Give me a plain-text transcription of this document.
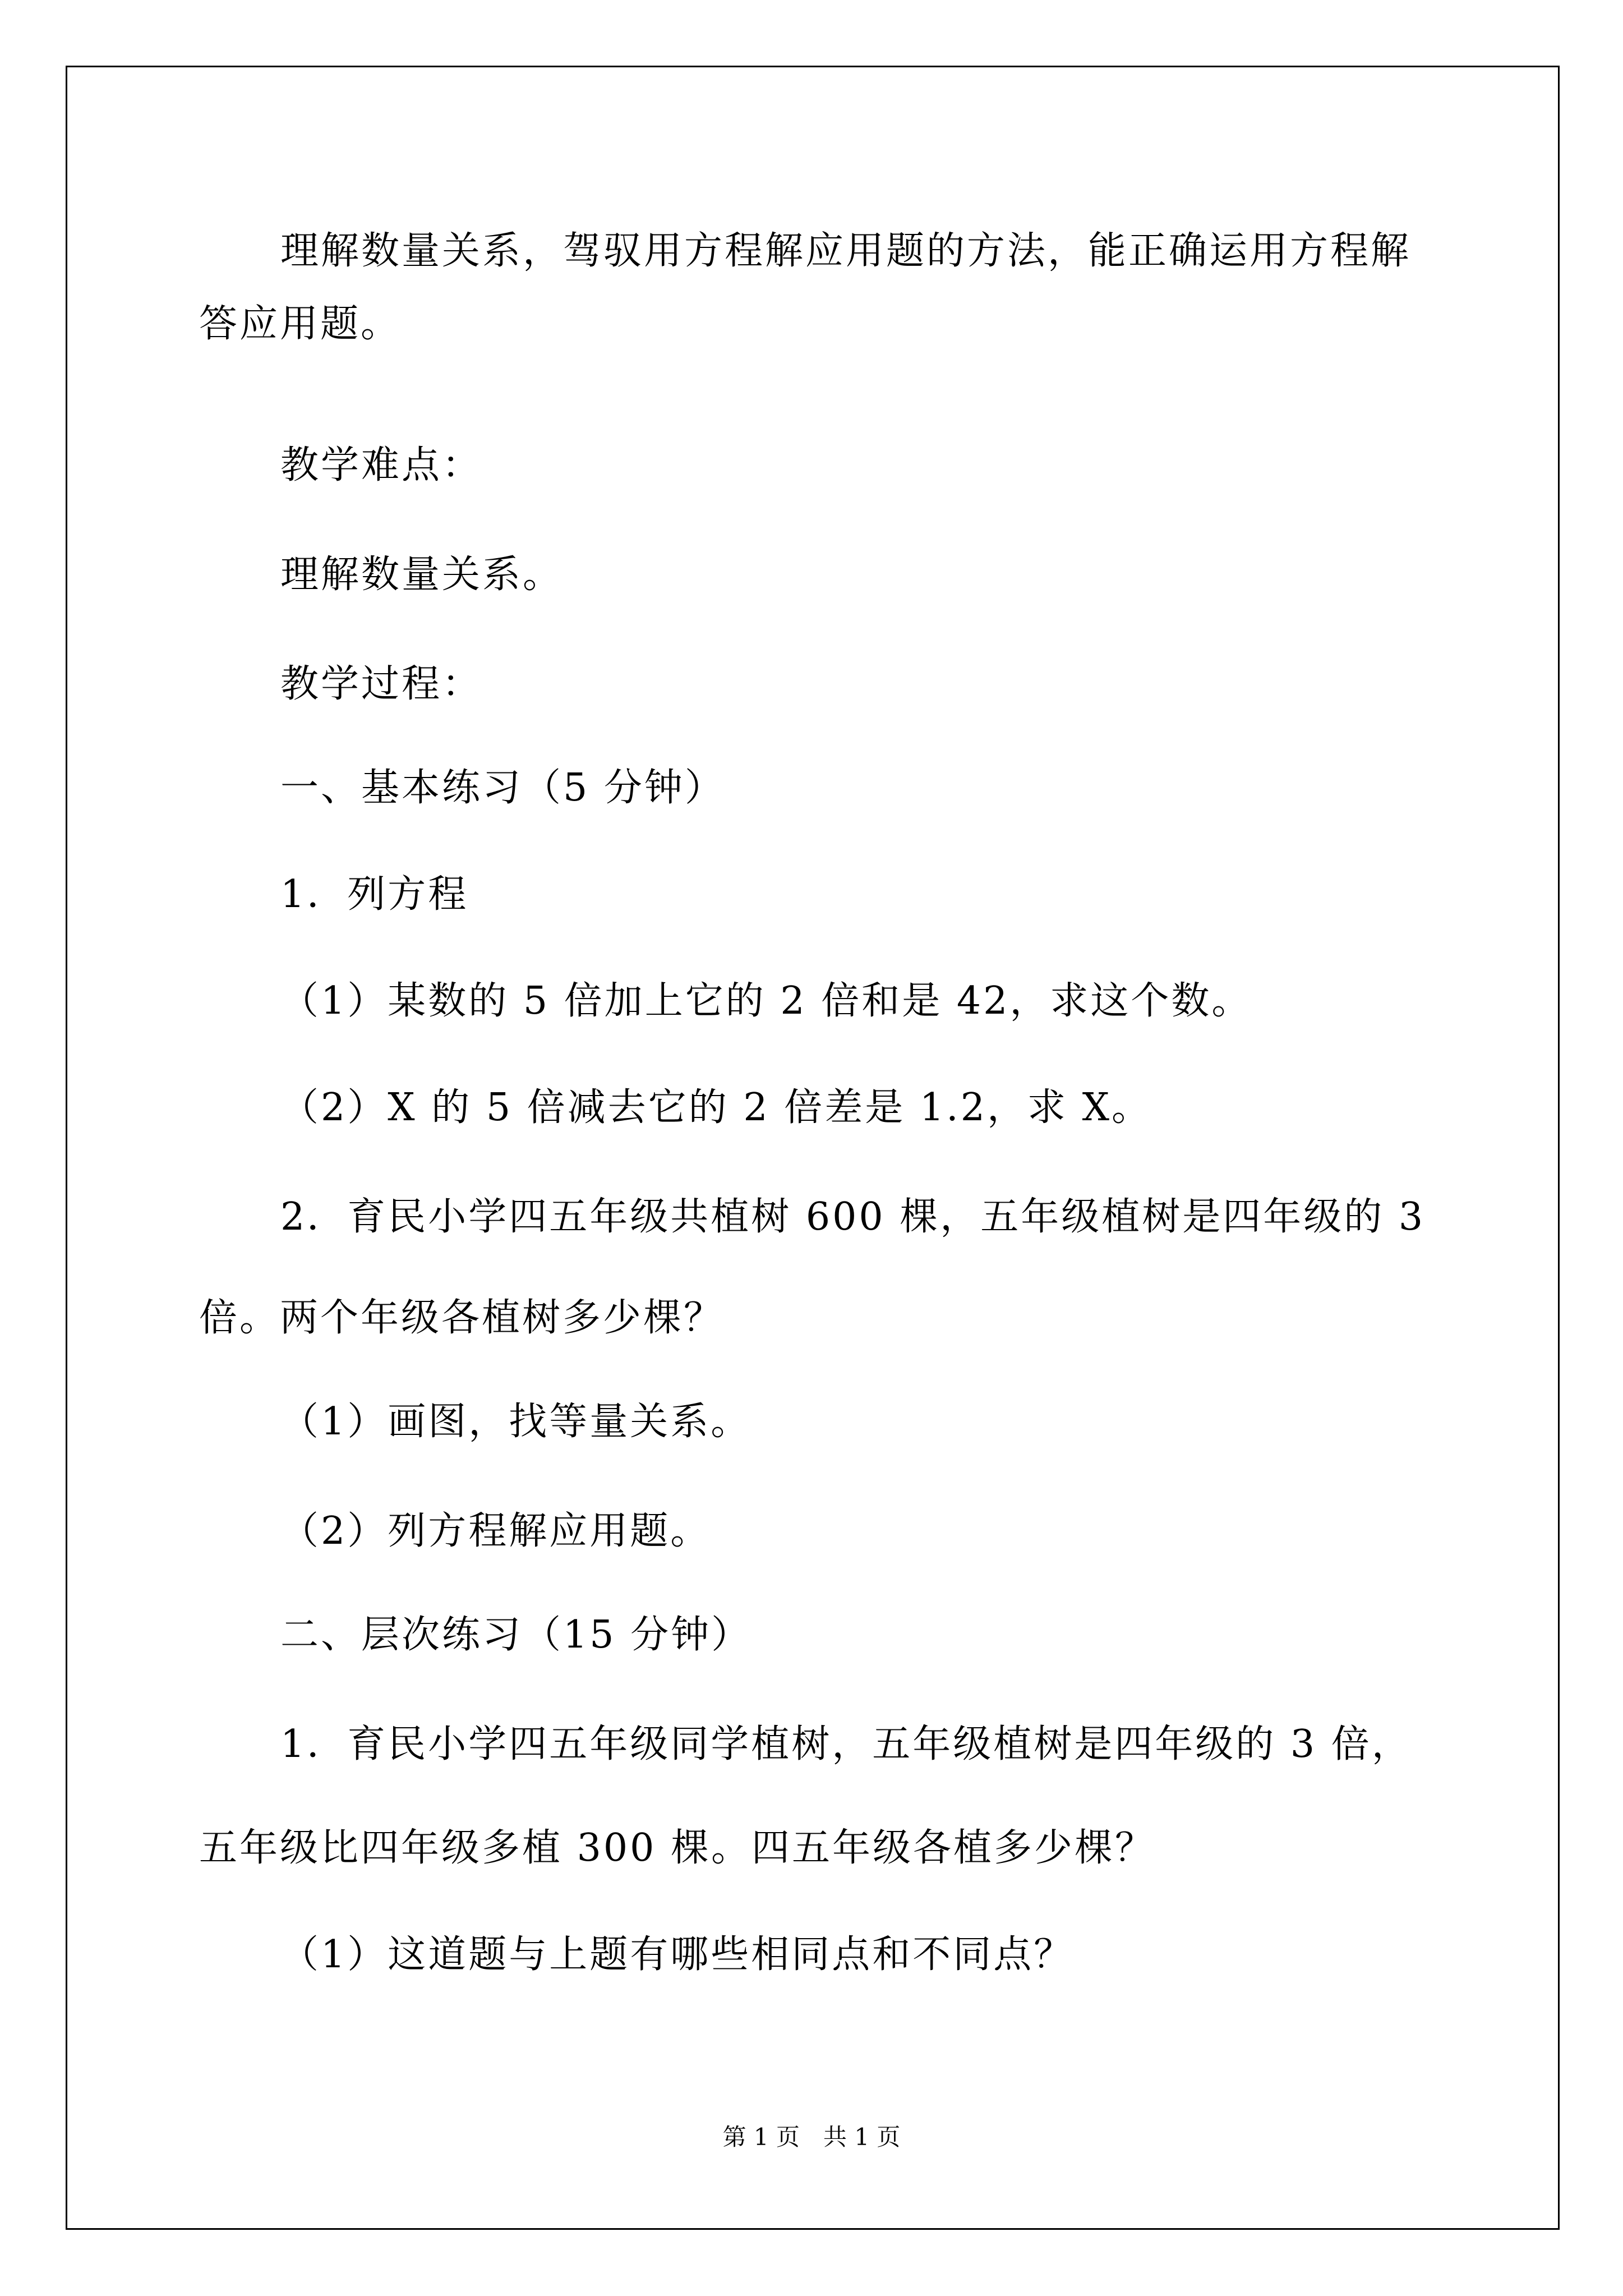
理解数量关系，驾驭用方程解应用题的方法，能正确运用方程解
答应用题。
教学难点：
理解数量关系。
教学过程：
一、基本练习（5 分钟）
1．列方程
（1）某数的 5 倍加上它的 2 倍和是 42，求这个数。
（2）X 的 5 倍减去它的 2 倍差是 1.2，求 X。
2．育民小学四五年级共植树 600 棵，五年级植树是四年级的 3
倍。两个年级各植树多少棵？
（1）画图，找等量关系。
（2）列方程解应用题。
二、层次练习（15 分钟）
1．育民小学四五年级同学植树，五年级植树是四年级的 3 倍，
五年级比四年级多植 300 棵。四五年级各植多少棵？
（1）这道题与上题有哪些相同点和不同点？
第 1 页　共 1 页
